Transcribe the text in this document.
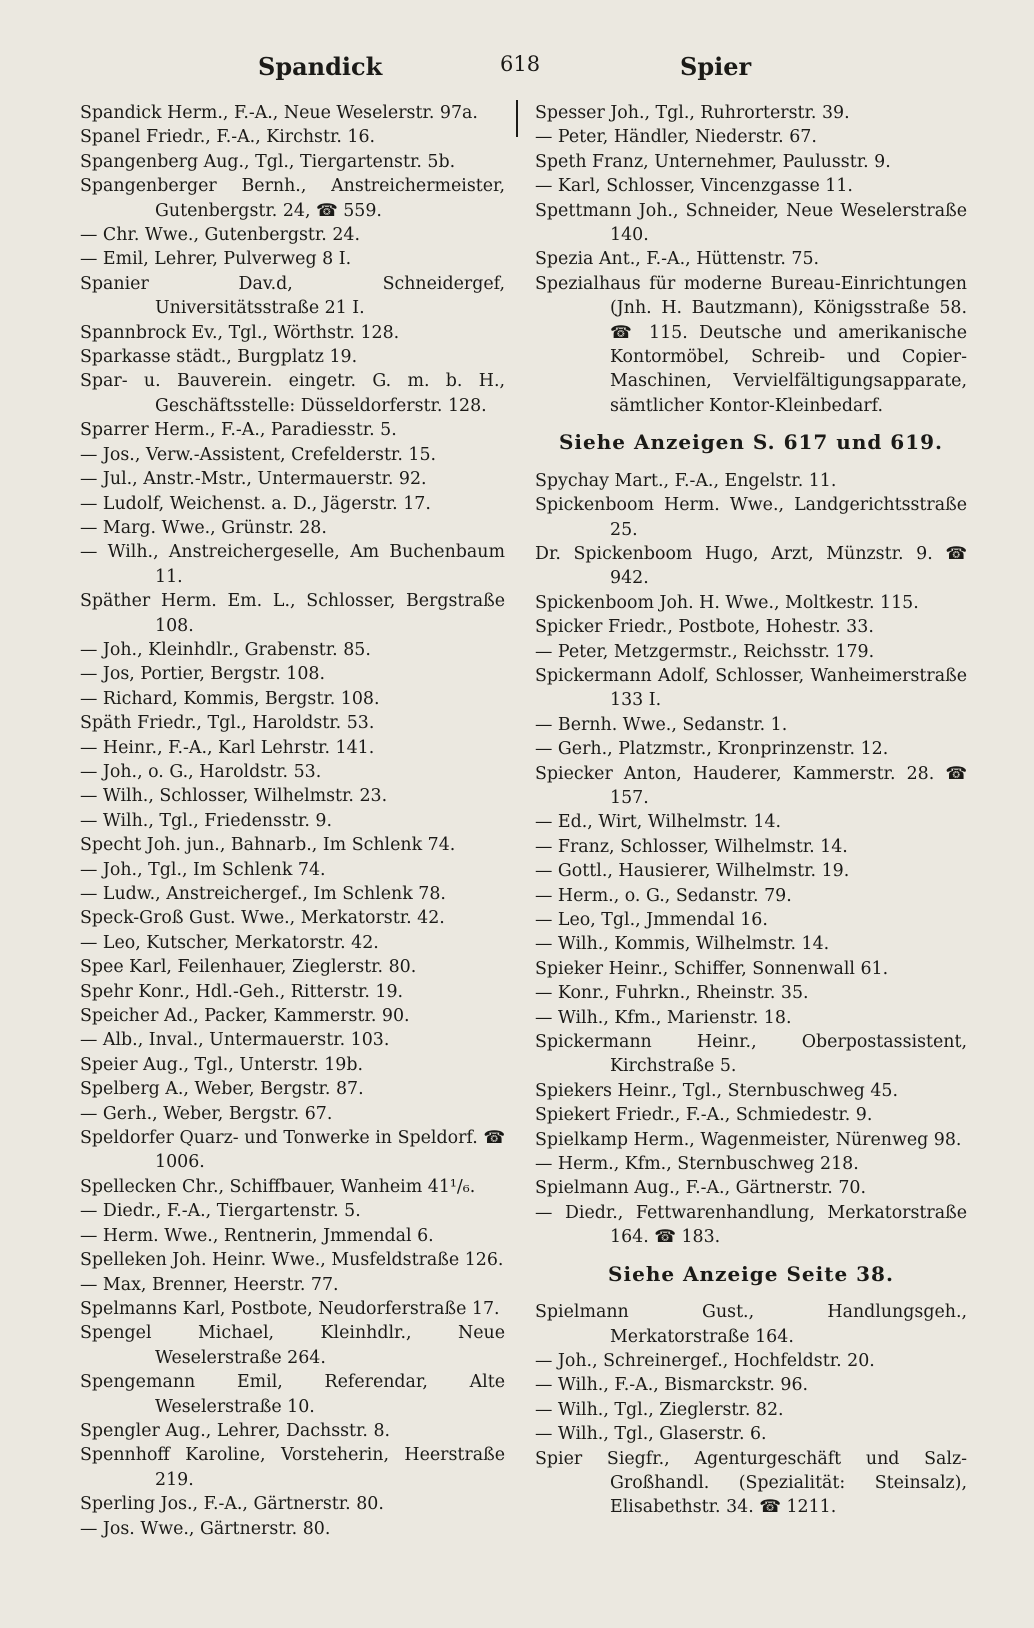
Spandick	618	Spier

Spandick Herm., F.-A., Neue Weselerstr. 97a.

Spanel Friedr., F.-A., Kirchstr. 16.

Spangenberg Aug., Tgl., Tiergartenstr. 5b.

Spangenberger Bernh., Anstreichermeister, Gutenbergstr. 24, ☎ 559.

— Chr. Wwe., Gutenbergstr. 24.

— Emil, Lehrer, Pulverweg 8 I.

Spanier Dav.d, Schneidergef, Universitätsstraße 21 I.

Spannbrock Ev., Tgl., Wörthstr. 128.

Sparkasse städt., Burgplatz 19.

Spar- u. Bauverein. eingetr. G. m. b. H., Geschäftsstelle: Düsseldorferstr. 128.

Sparrer Herm., F.-A., Paradiesstr. 5.

— Jos., Verw.-Assistent, Crefelderstr. 15.

— Jul., Anstr.-Mstr., Untermauerstr. 92.

— Ludolf, Weichenst. a. D., Jägerstr. 17.

— Marg. Wwe., Grünstr. 28.

— Wilh., Anstreichergeselle, Am Buchenbaum 11.

Späther Herm. Em. L., Schlosser, Bergstraße 108.

— Joh., Kleinhdlr., Grabenstr. 85.

— Jos, Portier, Bergstr. 108.

— Richard, Kommis, Bergstr. 108.

Späth Friedr., Tgl., Haroldstr. 53.

— Heinr., F.-A., Karl Lehrstr. 141.

— Joh., o. G., Haroldstr. 53.

— Wilh., Schlosser, Wilhelmstr. 23.

— Wilh., Tgl., Friedensstr. 9.

Specht Joh. jun., Bahnarb., Im Schlenk 74.

— Joh., Tgl., Im Schlenk 74.

— Ludw., Anstreichergef., Im Schlenk 78.

Speck-Groß Gust. Wwe., Merkatorstr. 42.

— Leo, Kutscher, Merkatorstr. 42.

Spee Karl, Feilenhauer, Zieglerstr. 80.

Spehr Konr., Hdl.-Geh., Ritterstr. 19.

Speicher Ad., Packer, Kammerstr. 90.

— Alb., Inval., Untermauerstr. 103.

Speier Aug., Tgl., Unterstr. 19b.

Spelberg A., Weber, Bergstr. 87.

— Gerh., Weber, Bergstr. 67.

Speldorfer Quarz- und Tonwerke in Speldorf. ☎ 1006.

Spellecken Chr., Schiffbauer, Wanheim 41¹/₆.

— Diedr., F.-A., Tiergartenstr. 5.

— Herm. Wwe., Rentnerin, Jmmendal 6.

Spelleken Joh. Heinr. Wwe., Musfeldstraße 126.

— Max, Brenner, Heerstr. 77.

Spelmanns Karl, Postbote, Neudorferstraße 17.

Spengel Michael, Kleinhdlr., Neue Weselerstraße 264.

Spengemann Emil, Referendar, Alte Weselerstraße 10.

Spengler Aug., Lehrer, Dachsstr. 8.

Spennhoff Karoline, Vorsteherin, Heerstraße 219.

Sperling Jos., F.-A., Gärtnerstr. 80.

— Jos. Wwe., Gärtnerstr. 80.

Spesser Joh., Tgl., Ruhrorterstr. 39.

— Peter, Händler, Niederstr. 67.

Speth Franz, Unternehmer, Paulusstr. 9.

— Karl, Schlosser, Vincenzgasse 11.

Spettmann Joh., Schneider, Neue Weselerstraße 140.

Spezia Ant., F.-A., Hüttenstr. 75.

Spezialhaus für moderne Bureau-Einrichtungen (Jnh. H. Bautzmann), Königsstraße 58. ☎ 115. Deutsche und amerikanische Kontormöbel, Schreib- und Copier-Maschinen, Vervielfältigungsapparate, sämtlicher Kontor-Kleinbedarf.

Siehe Anzeigen S. 617 und 619.

Spychay Mart., F.-A., Engelstr. 11.

Spickenboom Herm. Wwe., Landgerichtsstraße 25.

Dr. Spickenboom Hugo, Arzt, Münzstr. 9. ☎ 942.

Spickenboom Joh. H. Wwe., Moltkestr. 115.

Spicker Friedr., Postbote, Hohestr. 33.

— Peter, Metzgermstr., Reichsstr. 179.

Spickermann Adolf, Schlosser, Wanheimerstraße 133 I.

— Bernh. Wwe., Sedanstr. 1.

— Gerh., Platzmstr., Kronprinzenstr. 12.

Spiecker Anton, Hauderer, Kammerstr. 28. ☎ 157.

— Ed., Wirt, Wilhelmstr. 14.

— Franz, Schlosser, Wilhelmstr. 14.

— Gottl., Hausierer, Wilhelmstr. 19.

— Herm., o. G., Sedanstr. 79.

— Leo, Tgl., Jmmendal 16.

— Wilh., Kommis, Wilhelmstr. 14.

Spieker Heinr., Schiffer, Sonnenwall 61.

— Konr., Fuhrkn., Rheinstr. 35.

— Wilh., Kfm., Marienstr. 18.

Spickermann Heinr., Oberpostassistent, Kirchstraße 5.

Spiekers Heinr., Tgl., Sternbuschweg 45.

Spiekert Friedr., F.-A., Schmiedestr. 9.

Spielkamp Herm., Wagenmeister, Nürenweg 98.

— Herm., Kfm., Sternbuschweg 218.

Spielmann Aug., F.-A., Gärtnerstr. 70.

— Diedr., Fettwarenhandlung, Merkatorstraße 164. ☎ 183.

Siehe Anzeige Seite 38.

Spielmann Gust., Handlungsgeh., Merkatorstraße 164.

— Joh., Schreinergef., Hochfeldstr. 20.

— Wilh., F.-A., Bismarckstr. 96.

— Wilh., Tgl., Zieglerstr. 82.

— Wilh., Tgl., Glaserstr. 6.

Spier Siegfr., Agenturgeschäft und Salz-Großhandl. (Spezialität: Steinsalz), Elisabethstr. 34. ☎ 1211.
